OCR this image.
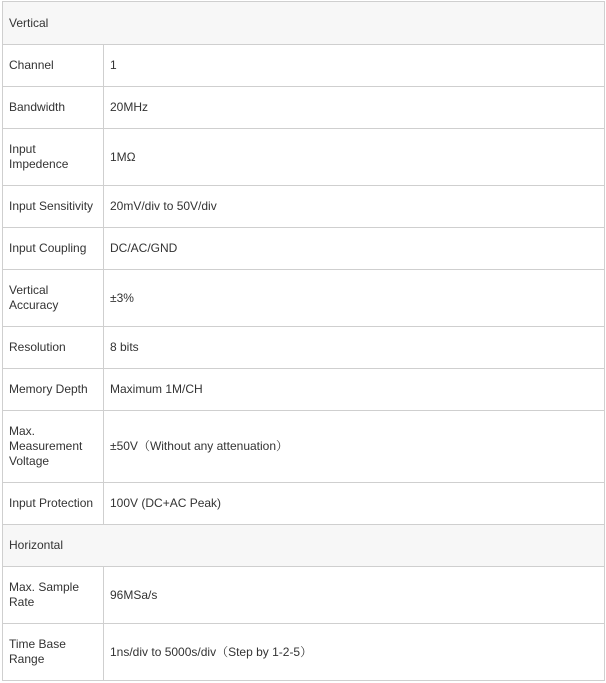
Vertical	
Channel	1
Bandwidth	20MHz
Input Impedence	1MΩ
Input Sensitivity	20mV/div to 50V/div
Input Coupling	DC/AC/GND
Vertical Accuracy	±3%
Resolution	8 bits
Memory Depth	Maximum 1M/CH
Max. Measurement Voltage	±50V（Without any attenuation）
Input Protection	100V (DC+AC Peak)
Horizontal	
Max. Sample Rate	96MSa/s
Time Base Range	1ns/div to 5000s/div（Step by 1-2-5）
